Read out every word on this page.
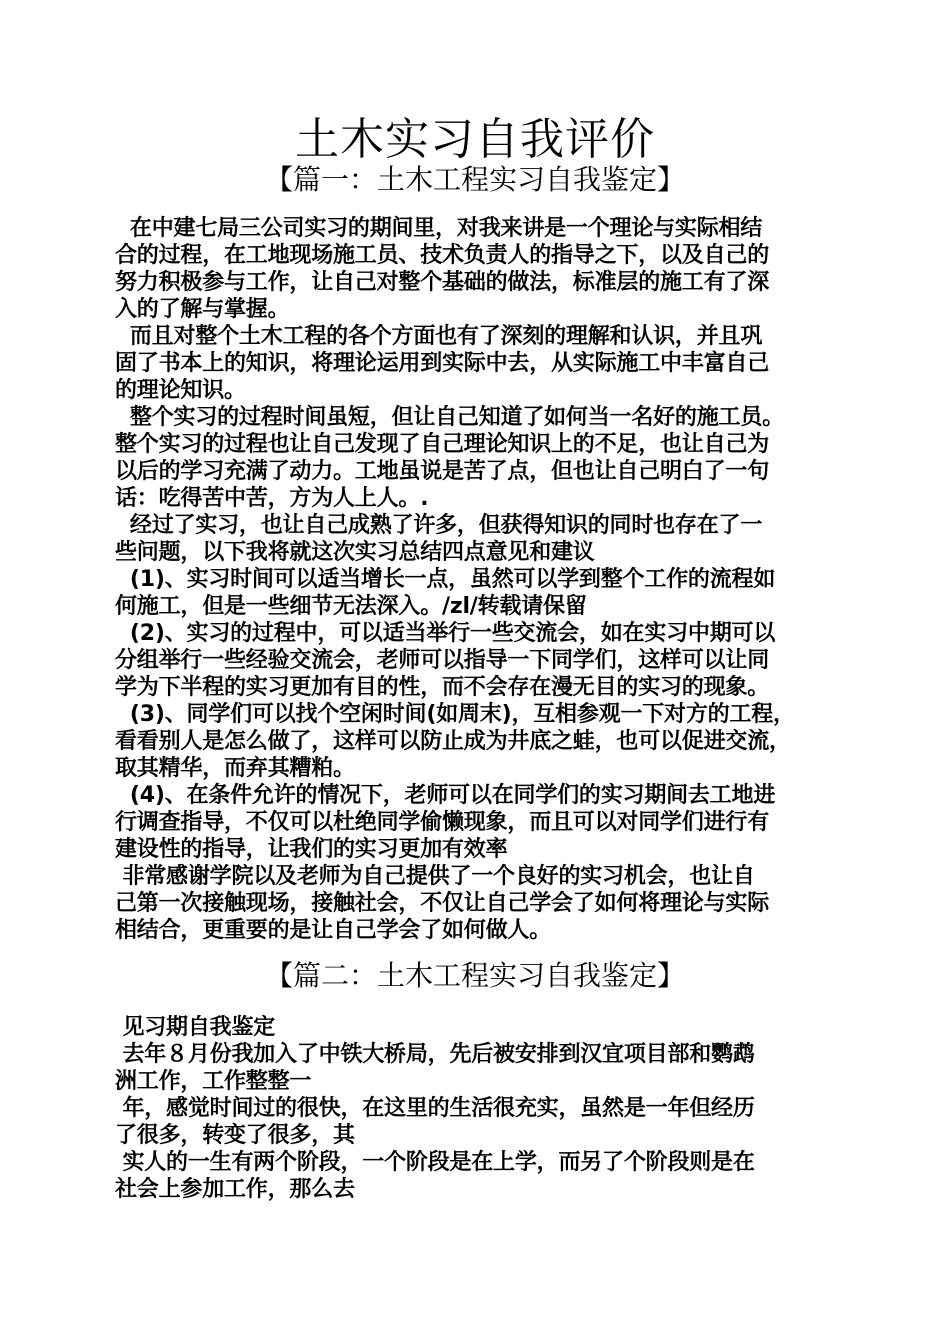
土木实习自我评价
【篇一：土木工程实习自我鉴定】
在中建七局三公司实习的期间里，对我来讲是一个理论与实际相结
合的过程，在工地现场施工员、技术负责人的指导之下，以及自己的
努力积极参与工作，让自己对整个基础的做法，标准层的施工有了深
入的了解与掌握。
而且对整个土木工程的各个方面也有了深刻的理解和认识，并且巩
固了书本上的知识，将理论运用到实际中去，从实际施工中丰富自己
的理论知识。
整个实习的过程时间虽短，但让自己知道了如何当一名好的施工员。
整个实习的过程也让自己发现了自己理论知识上的不足，也让自己为
以后的学习充满了动力。工地虽说是苦了点，但也让自己明白了一句
话：吃得苦中苦，方为人上人。.
经过了实习，也让自己成熟了许多，但获得知识的同时也存在了一
些问题，以下我将就这次实习总结四点意见和建议
(1)、实习时间可以适当增长一点，虽然可以学到整个工作的流程如
何施工，但是一些细节无法深入。/zl/转载请保留
(2)、实习的过程中，可以适当举行一些交流会，如在实习中期可以
分组举行一些经验交流会，老师可以指导一下同学们，这样可以让同
学为下半程的实习更加有目的性，而不会存在漫无目的实习的现象。
(3)、同学们可以找个空闲时间(如周末)，互相参观一下对方的工程，
看看别人是怎么做了，这样可以防止成为井底之蛙，也可以促进交流，
取其精华，而弃其糟粕。
(4)、在条件允许的情况下，老师可以在同学们的实习期间去工地进
行调查指导，不仅可以杜绝同学偷懒现象，而且可以对同学们进行有
建设性的指导，让我们的实习更加有效率
非常感谢学院以及老师为自己提供了一个良好的实习机会，也让自
己第一次接触现场，接触社会，不仅让自己学会了如何将理论与实际
相结合，更重要的是让自己学会了如何做人。
【篇二：土木工程实习自我鉴定】
见习期自我鉴定
去年８月份我加入了中铁大桥局，先后被安排到汉宜项目部和鹦鹉
洲工作，工作整整一
年，感觉时间过的很快，在这里的生活很充实，虽然是一年但经历
了很多，转变了很多，其
实人的一生有两个阶段，一个阶段是在上学，而另了个阶段则是在
社会上参加工作，那么去
